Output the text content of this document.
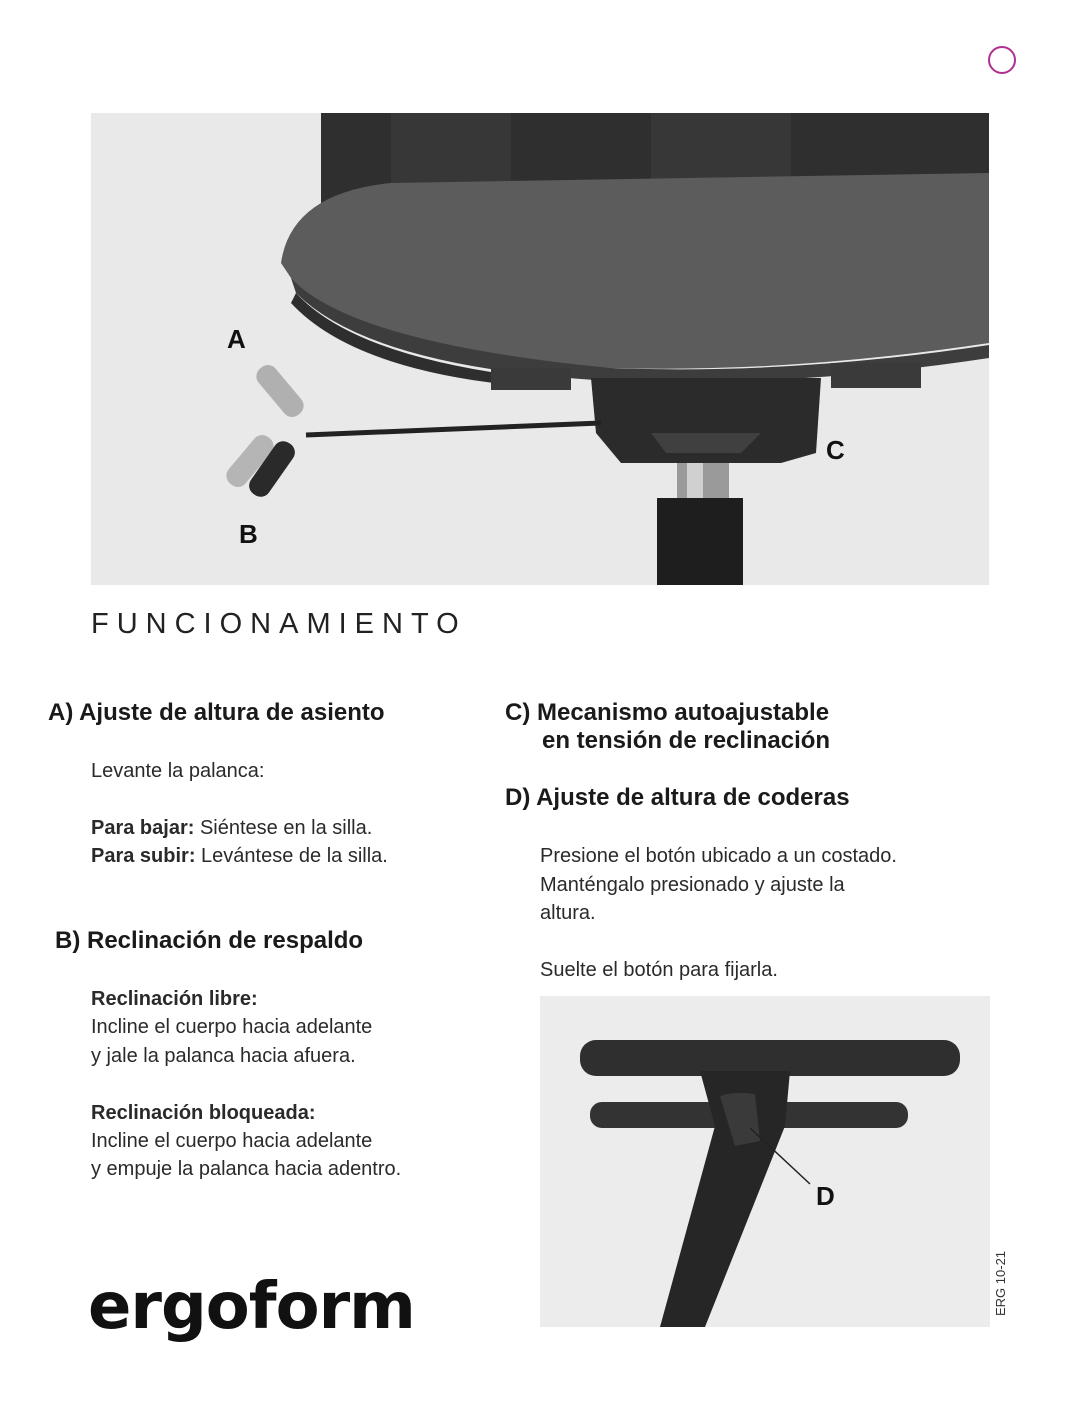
A
B
C
FUNCIONAMIENTO
A) Ajuste de altura de asiento
Levante la palanca:
Para bajar: Siéntese en la silla.
Para subir: Levántese de la silla.
B) Reclinación de respaldo
Reclinación libre:
Incline el cuerpo hacia adelante
y jale la palanca hacia afuera.
Reclinación bloqueada:
Incline el cuerpo hacia adelante
y empuje la palanca hacia adentro.
C) Mecanismo autoajustable
en tensión de reclinación
D) Ajuste de altura de coderas
Presione el botón ubicado a un costado.
Manténgalo presionado y ajuste la
altura.
Suelte el botón para fijarla.
D
ergoform	ERG 10-21
